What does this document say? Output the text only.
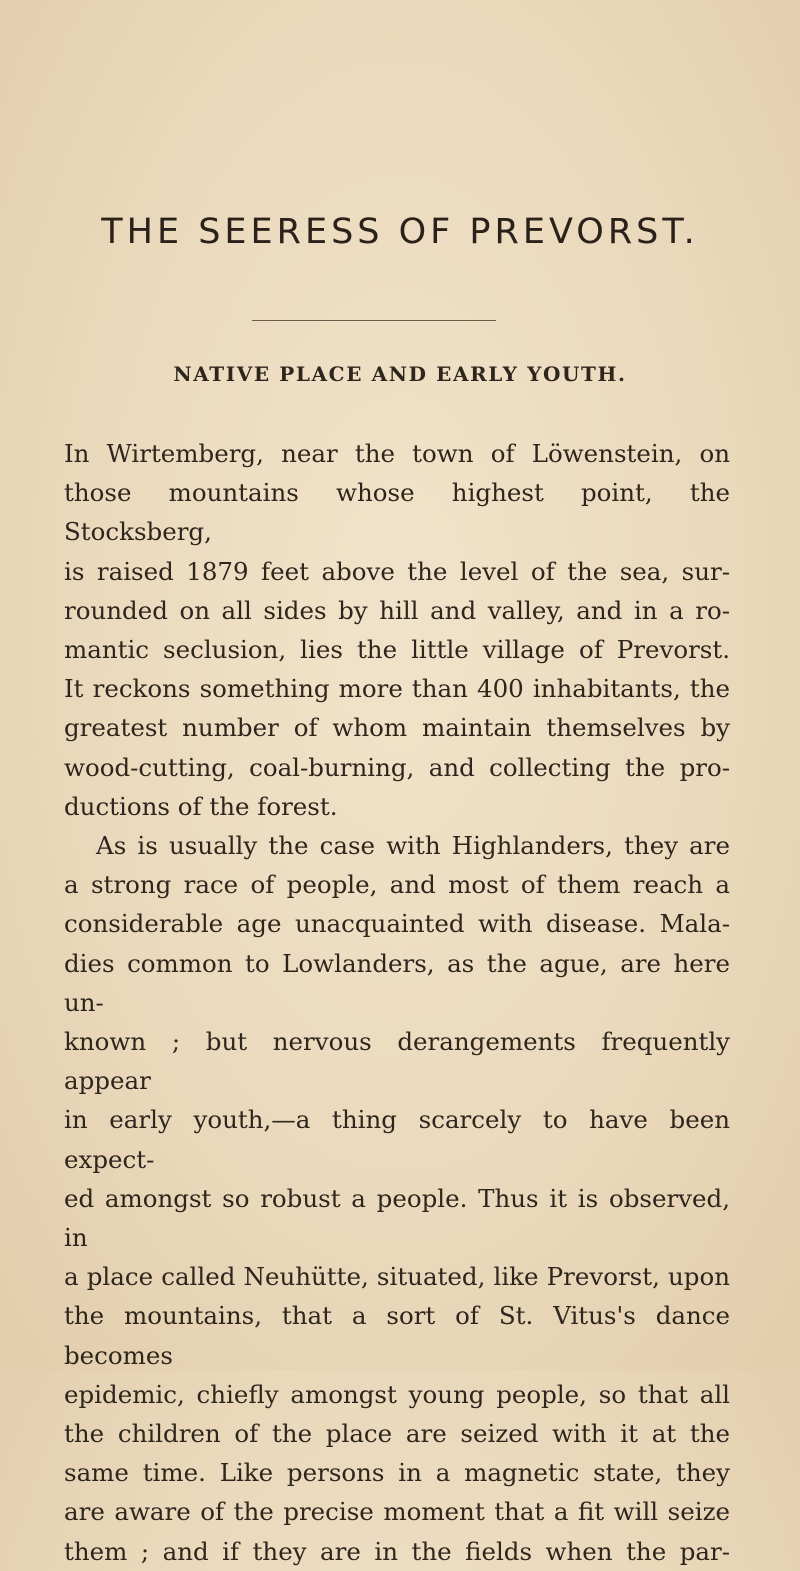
THE SEERESS OF PREVORST.
NATIVE PLACE AND EARLY YOUTH.

In Wirtemberg, near the town of Löwenstein, on

those mountains whose highest point, the Stocksberg,

is raised 1879 feet above the level of the sea, sur-

rounded on all sides by hill and valley, and in a ro-

mantic seclusion, lies the little village of Prevorst.

It reckons something more than 400 inhabitants, the

greatest number of whom maintain themselves by

wood-cutting, coal-burning, and collecting the pro-

ductions of the forest.

As is usually the case with Highlanders, they are

a strong race of people, and most of them reach a

considerable age unacquainted with disease. Mala-

dies common to Lowlanders, as the ague, are here un-

known ; but nervous derangements frequently appear

in early youth,—a thing scarcely to have been expect-

ed amongst so robust a people. Thus it is observed, in

a place called Neuhütte, situated, like Prevorst, upon

the mountains, that a sort of St. Vitus's dance becomes

epidemic, chiefly amongst young people, so that all

the children of the place are seized with it at the

same time. Like persons in a magnetic state, they

are aware of the precise moment that a fit will seize

them ; and if they are in the fields when the par-
